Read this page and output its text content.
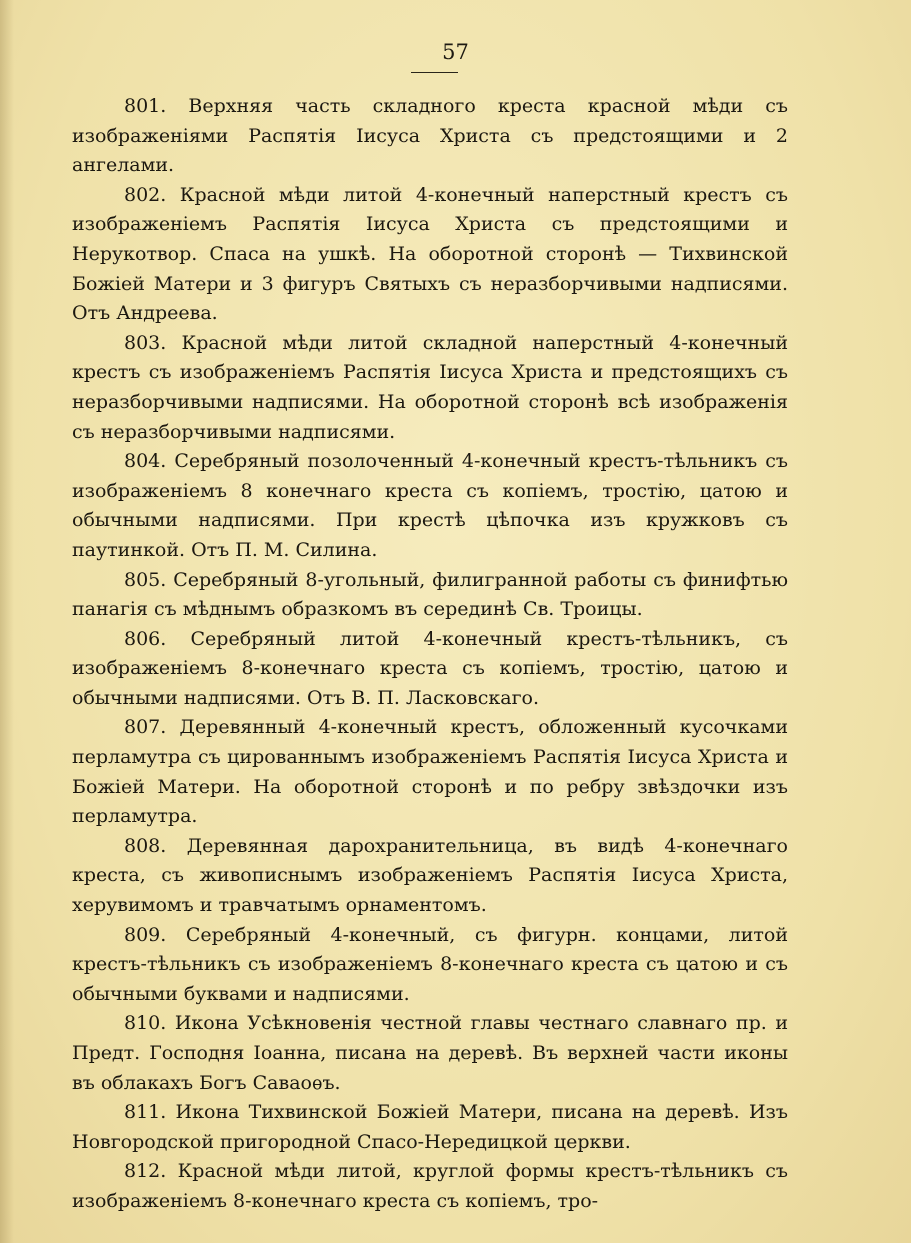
57

801. Верхняя часть складного креста красной мѣди съ изображеніями Распятія Іисуса Христа съ предстоящими и 2 ангелами.

802. Красной мѣди литой 4-конечный наперстный крестъ съ изображеніемъ Распятія Іисуса Христа съ предстоящими и Нерукотвор. Спаса на ушкѣ. На оборотной сторонѣ — Тихвинской Божіей Матери и 3 фигуръ Святыхъ съ неразборчивыми надписями. Отъ Андреева.

803. Красной мѣди литой складной наперстный 4-конечный крестъ съ изображеніемъ Распятія Іисуса Христа и предстоящихъ съ неразборчивыми надписями. На оборотной сторонѣ всѣ изображенія съ неразборчивыми надписями.

804. Серебряный позолоченный 4-конечный крестъ-тѣльникъ съ изображеніемъ 8 конечнаго креста съ копіемъ, тростію, цатою и обычными надписями. При крестѣ цѣпочка изъ кружковъ съ паутинкой. Отъ П. М. Силина.

805. Серебряный 8-угольный, филигранной работы съ финифтью панагія съ мѣднымъ образкомъ въ серединѣ Св. Троицы.

806. Серебряный литой 4-конечный крестъ-тѣльникъ, съ изображеніемъ 8-конечнаго креста съ копіемъ, тростію, цатою и обычными надписями. Отъ В. П. Ласковскаго.

807. Деревянный 4-конечный крестъ, обложенный кусочками перламутра съ цированнымъ изображеніемъ Распятія Іисуса Христа и Божіей Матери. На оборотной сторонѣ и по ребру звѣздочки изъ перламутра.

808. Деревянная дарохранительница, въ видѣ 4-конечнаго креста, съ живописнымъ изображеніемъ Распятія Іисуса Христа, херувимомъ и травчатымъ орнаментомъ.

809. Серебряный 4-конечный, съ фигурн. концами, литой крестъ-тѣльникъ съ изображеніемъ 8-конечнаго креста съ цатою и съ обычными буквами и надписями.

810. Икона Усѣкновенія честной главы честнаго славнаго пр. и Предт. Господня Іоанна, писана на деревѣ. Въ верхней части иконы въ облакахъ Богъ Саваоѳъ.

811. Икона Тихвинской Божіей Матери, писана на деревѣ. Изъ Новгородской пригородной Спасо-Нередицкой церкви.

812. Красной мѣди литой, круглой формы крестъ-тѣльникъ съ изображеніемъ 8-конечнаго креста съ копіемъ, тро-
